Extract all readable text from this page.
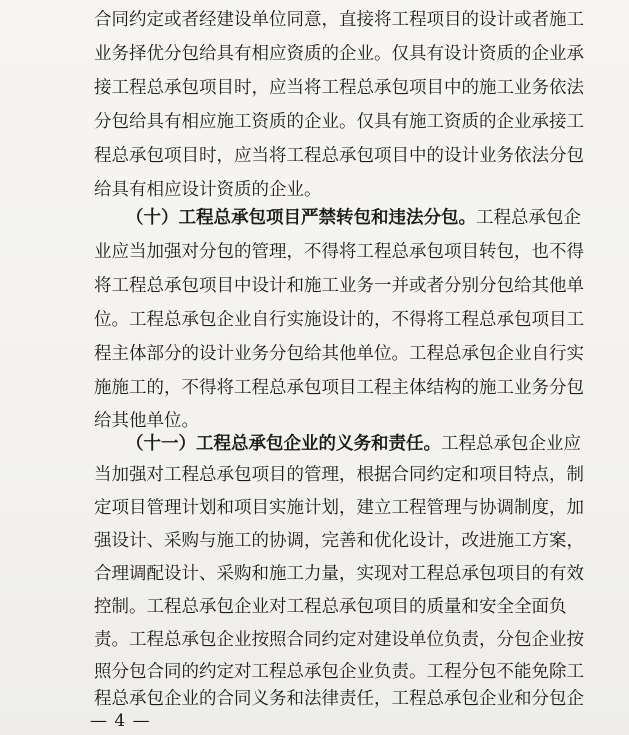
合同约定或者经建设单位同意，直接将工程项目的设计或者施工
业务择优分包给具有相应资质的企业。仅具有设计资质的企业承
接工程总承包项目时，应当将工程总承包项目中的施工业务依法
分包给具有相应施工资质的企业。仅具有施工资质的企业承接工
程总承包项目时，应当将工程总承包项目中的设计业务依法分包
给具有相应设计资质的企业。
（十）工程总承包项目严禁转包和违法分包。工程总承包企
业应当加强对分包的管理，不得将工程总承包项目转包，也不得
将工程总承包项目中设计和施工业务一并或者分别分包给其他单
位。工程总承包企业自行实施设计的，不得将工程总承包项目工
程主体部分的设计业务分包给其他单位。工程总承包企业自行实
施施工的，不得将工程总承包项目工程主体结构的施工业务分包
给其他单位。
（十一）工程总承包企业的义务和责任。工程总承包企业应
当加强对工程总承包项目的管理，根据合同约定和项目特点，制
定项目管理计划和项目实施计划，建立工程管理与协调制度，加
强设计、采购与施工的协调，完善和优化设计，改进施工方案，
合理调配设计、采购和施工力量，实现对工程总承包项目的有效
控制。工程总承包企业对工程总承包项目的质量和安全全面负
责。工程总承包企业按照合同约定对建设单位负责，分包企业按
照分包合同的约定对工程总承包企业负责。工程分包不能免除工
程总承包企业的合同义务和法律责任，工程总承包企业和分包企
— 4 —
